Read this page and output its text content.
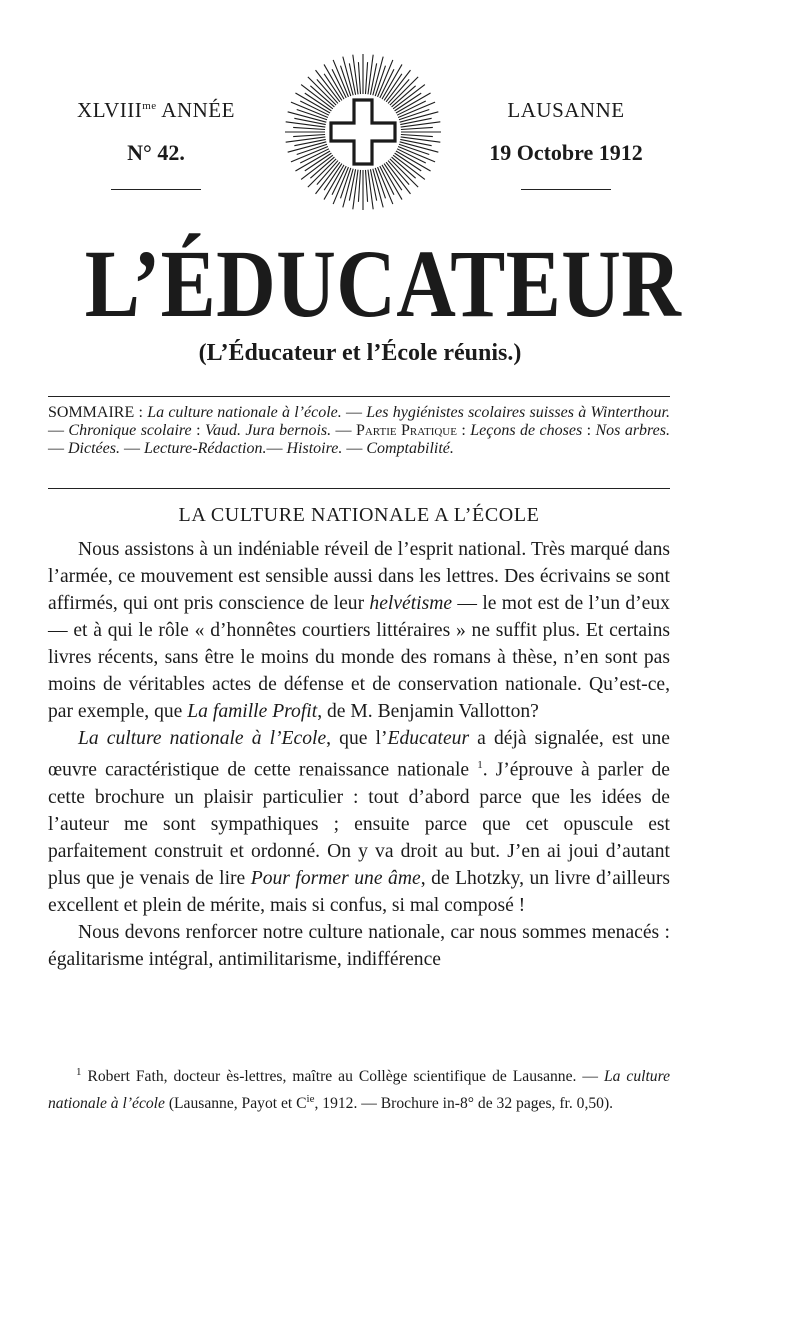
$XLVIII^{me}$ ANNÉE
N° 42.
LAUSANNE
19 Octobre 1912
L’ÉDUCATEUR
(L’Éducateur et l’École réunis.)
SOMMAIRE : La culture nationale à l’école. — Les hygiénistes scolaires suisses à Winterthour. — Chronique scolaire : Vaud. Jura bernois. — Partie Pratique : Leçons de choses : Nos arbres. — Dictées. — Lecture-Rédaction.— Histoire. — Comptabilité.
LA CULTURE NATIONALE A L’ÉCOLE

Nous assistons à un indéniable réveil de l’esprit national. Très marqué dans l’armée, ce mouvement est sensible aussi dans les lettres. Des écrivains se sont affirmés, qui ont pris conscience de leur helvétisme — le mot est de l’un d’eux — et à qui le rôle « d’honnêtes courtiers littéraires » ne suffit plus. Et certains livres récents, sans être le moins du monde des romans à thèse, n’en sont pas moins de véritables actes de défense et de conservation nationale. Qu’est-ce, par exemple, que La famille Profit, de M. Benjamin Vallotton?

La culture nationale à l’Ecole, que l’Educateur a déjà signalée, est une œuvre caractéristique de cette renaissance nationale $^1$. J’éprouve à parler de cette brochure un plaisir particulier : tout d’abord parce que les idées de l’auteur me sont sympathiques ; ensuite parce que cet opuscule est parfaitement construit et ordonné. On y va droit au but. J’en ai joui d’autant plus que je venais de lire Pour former une âme, de Lhotzky, un livre d’ailleurs excellent et plein de mérite, mais si confus, si mal composé !

Nous devons renforcer notre culture nationale, car nous sommes menacés : égalitarisme intégral, antimilitarisme, indifférence

$^1$ Robert Fath, docteur ès-lettres, maître au Collège scientifique de Lausanne. — La culture nationale à l’école (Lausanne, Payot et C$^{ie}$, 1912. — Brochure in-8° de 32 pages, fr. 0,50).
